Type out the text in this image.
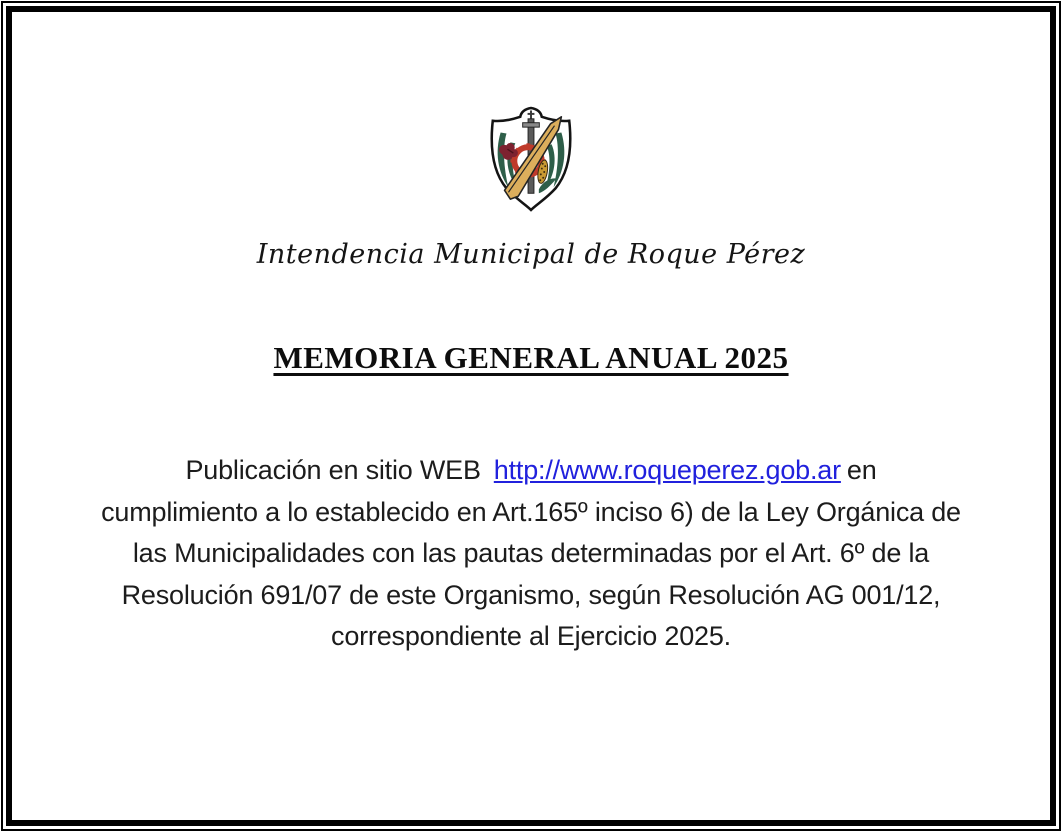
Intendencia Municipal de Roque Pérez
MEMORIA GENERAL ANUAL 2025
Publicación en sitio WEB http://www.roqueperez.gob.ar en
cumplimiento a lo establecido en Art.165º inciso 6) de la Ley Orgánica de
las Municipalidades con las pautas determinadas por el Art. 6º de la
Resolución 691/07 de este Organismo, según Resolución AG 001/12,
correspondiente al Ejercicio 2025.
